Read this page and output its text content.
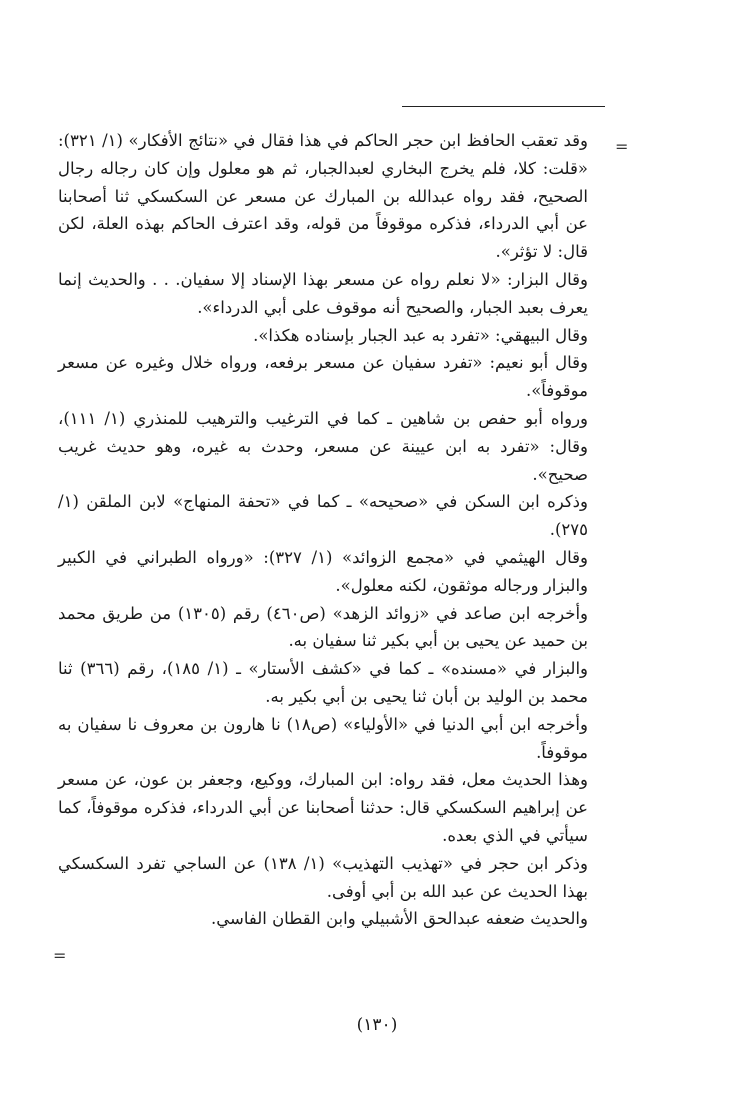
=

وقد تعقب الحافظ ابن حجر الحاكم في هذا فقال في «نتائج الأفكار» (١/ ٣٢١): «قلت: كلا، فلم يخرج البخاري لعبدالجبار، ثم هو معلول وإن كان رجاله رجال الصحيح، فقد رواه عبدالله بن المبارك عن مسعر عن السكسكي ثنا أصحابنا عن أبي الدرداء، فذكره موقوفاً من قوله، وقد اعترف الحاكم بهذه العلة، لكن قال: لا تؤثر».

وقال البزار: «لا نعلم رواه عن مسعر بهذا الإسناد إلا سفيان. . . والحديث إنما يعرف بعبد الجبار، والصحيح أنه موقوف على أبي الدرداء».

وقال البيهقي: «تفرد به عبد الجبار بإسناده هكذا».

وقال أبو نعيم: «تفرد سفيان عن مسعر برفعه، ورواه خلال وغيره عن مسعر موقوفاً».

ورواه أبو حفص بن شاهين ـ كما في الترغيب والترهيب للمنذري (١/ ١١١)، وقال: «تفرد به ابن عيينة عن مسعر، وحدث به غيره، وهو حديث غريب صحيح».

وذكره ابن السكن في «صحيحه» ـ كما في «تحفة المنهاج» لابن الملقن (١/ ٢٧٥).

وقال الهيثمي في «مجمع الزوائد» (١/ ٣٢٧): «ورواه الطبراني في الكبير والبزار ورجاله موثقون، لكنه معلول».

وأخرجه ابن صاعد في «زوائد الزهد» (ص٤٦٠) رقم (١٣٠٥) من طريق محمد بن حميد عن يحيى بن أبي بكير ثنا سفيان به.

والبزار في «مسنده» ـ كما في «كشف الأستار» ـ (١/ ١٨٥)، رقم (٣٦٦) ثنا محمد بن الوليد بن أبان ثنا يحيى بن أبي بكير به.

وأخرجه ابن أبي الدنيا في «الأولياء» (ص١٨) نا هارون بن معروف نا سفيان به موقوفاً.

وهذا الحديث معل، فقد رواه: ابن المبارك، ووكيع، وجعفر بن عون، عن مسعر عن إبراهيم السكسكي قال: حدثنا أصحابنا عن أبي الدرداء، فذكره موقوفاً، كما سيأتي في الذي بعده.

وذكر ابن حجر في «تهذيب التهذيب» (١/ ١٣٨) عن الساجي تفرد السكسكي بهذا الحديث عن عبد الله بن أبي أوفى.

والحديث ضعفه عبدالحق الأشبيلي وابن القطان الفاسي.

=
(١٣٠)
